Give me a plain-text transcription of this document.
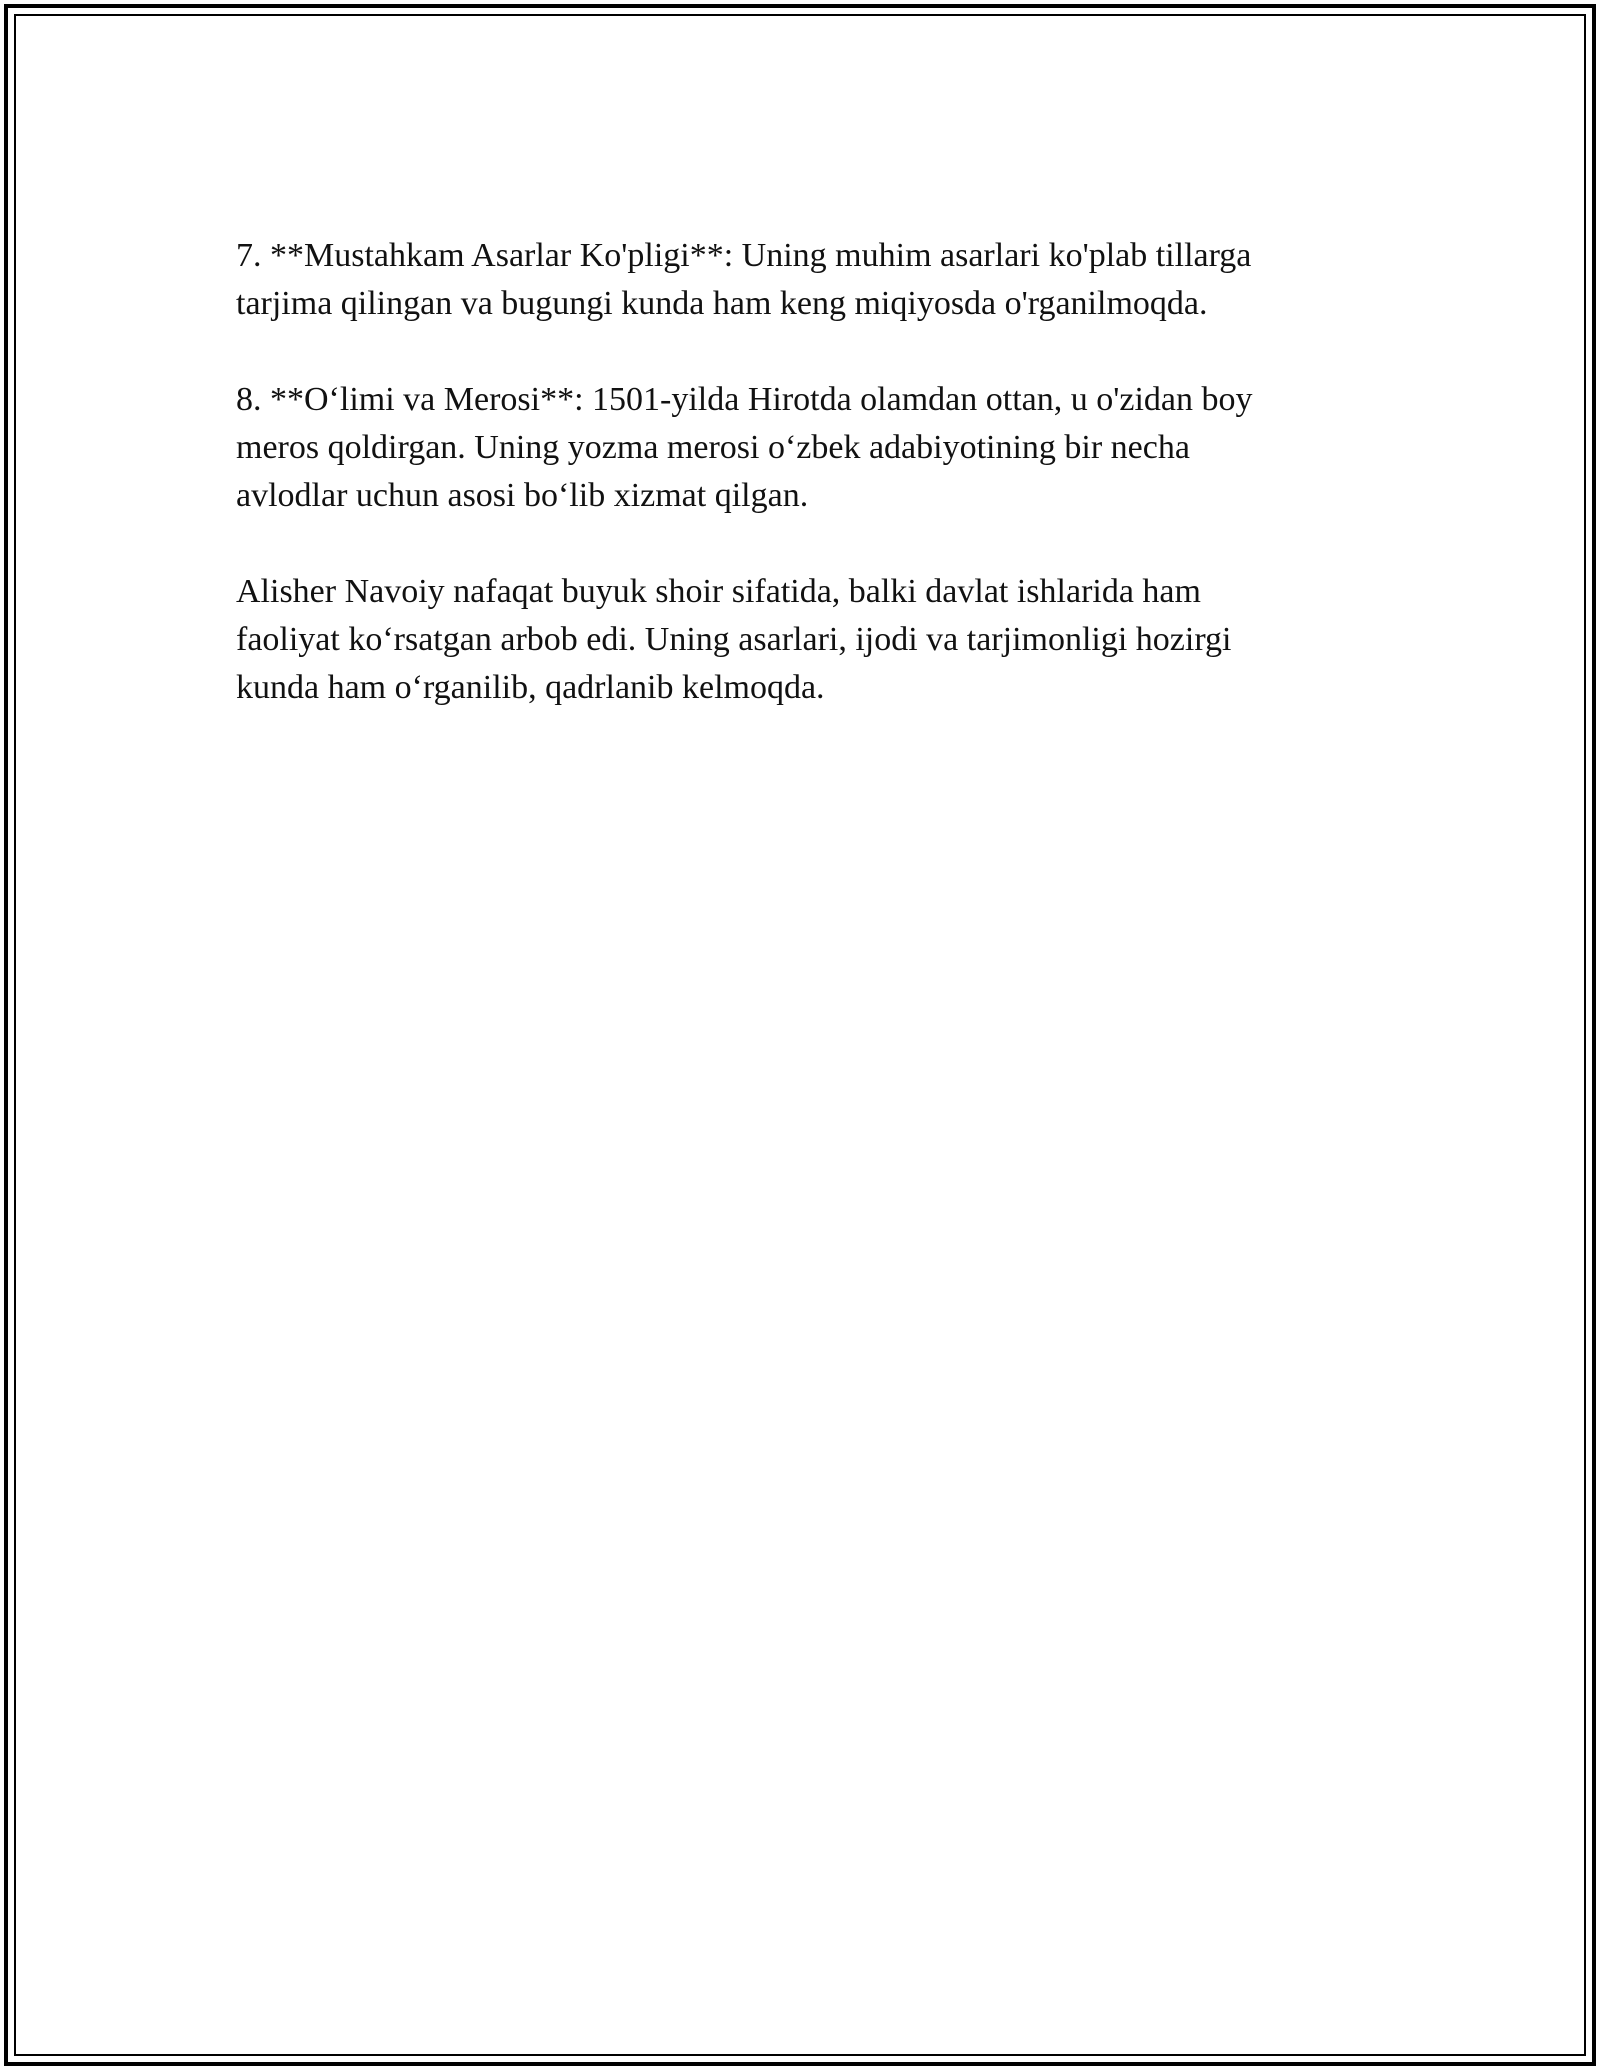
7. **Mustahkam Asarlar Ko'pligi**: Uning muhim asarlari ko'plab tillarga
tarjima qilingan va bugungi kunda ham keng miqiyosda o'rganilmoqda.

8. **O‘limi va Merosi**: 1501-yilda Hirotda olamdan ottan, u o'zidan boy
meros qoldirgan. Uning yozma merosi o‘zbek adabiyotining bir necha
avlodlar uchun asosi bo‘lib xizmat qilgan.

Alisher Navoiy nafaqat buyuk shoir sifatida, balki davlat ishlarida ham
faoliyat ko‘rsatgan arbob edi. Uning asarlari, ijodi va tarjimonligi hozirgi
kunda ham o‘rganilib, qadrlanib kelmoqda.
